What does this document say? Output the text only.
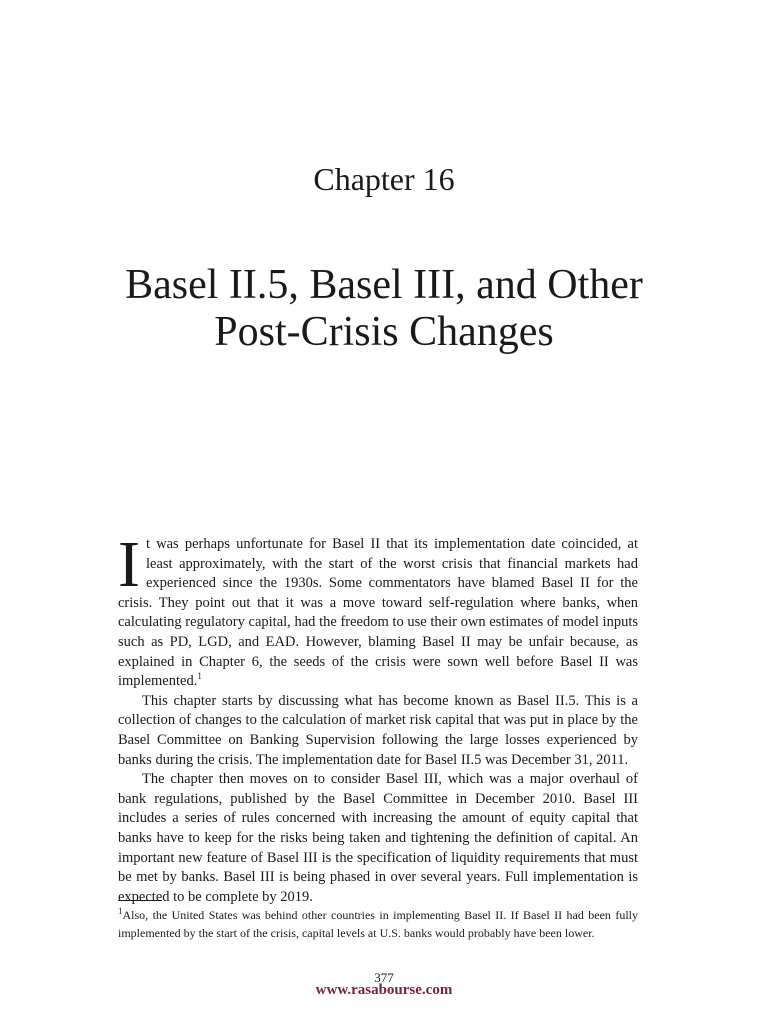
Chapter 16
Basel II.5, Basel III, and Other
Post-Crisis Changes

It was perhaps unfortunate for Basel II that its implementation date coincided, at least approximately, with the start of the worst crisis that financial markets had experienced since the 1930s. Some commentators have blamed Basel II for the crisis. They point out that it was a move toward self-regulation where banks, when calculating regulatory capital, had the freedom to use their own estimates of model inputs such as PD, LGD, and EAD. However, blaming Basel II may be unfair because, as explained in Chapter 6, the seeds of the crisis were sown well before Basel II was implemented.$^1$

This chapter starts by discussing what has become known as Basel II.5. This is a collection of changes to the calculation of market risk capital that was put in place by the Basel Committee on Banking Supervision following the large losses experienced by banks during the crisis. The implementation date for Basel II.5 was December 31, 2011.

The chapter then moves on to consider Basel III, which was a major overhaul of bank regulations, published by the Basel Committee in December 2010. Basel III includes a series of rules concerned with increasing the amount of equity capital that banks have to keep for the risks being taken and tightening the definition of capital. An important new feature of Basel III is the specification of liquidity requirements that must be met by banks. Basel III is being phased in over several years. Full implementation is expected to be complete by 2019.

$^1$Also, the United States was behind other countries in implementing Basel II. If Basel II had been fully implemented by the start of the crisis, capital levels at U.S. banks would probably have been lower.

377
www.rasabourse.com
